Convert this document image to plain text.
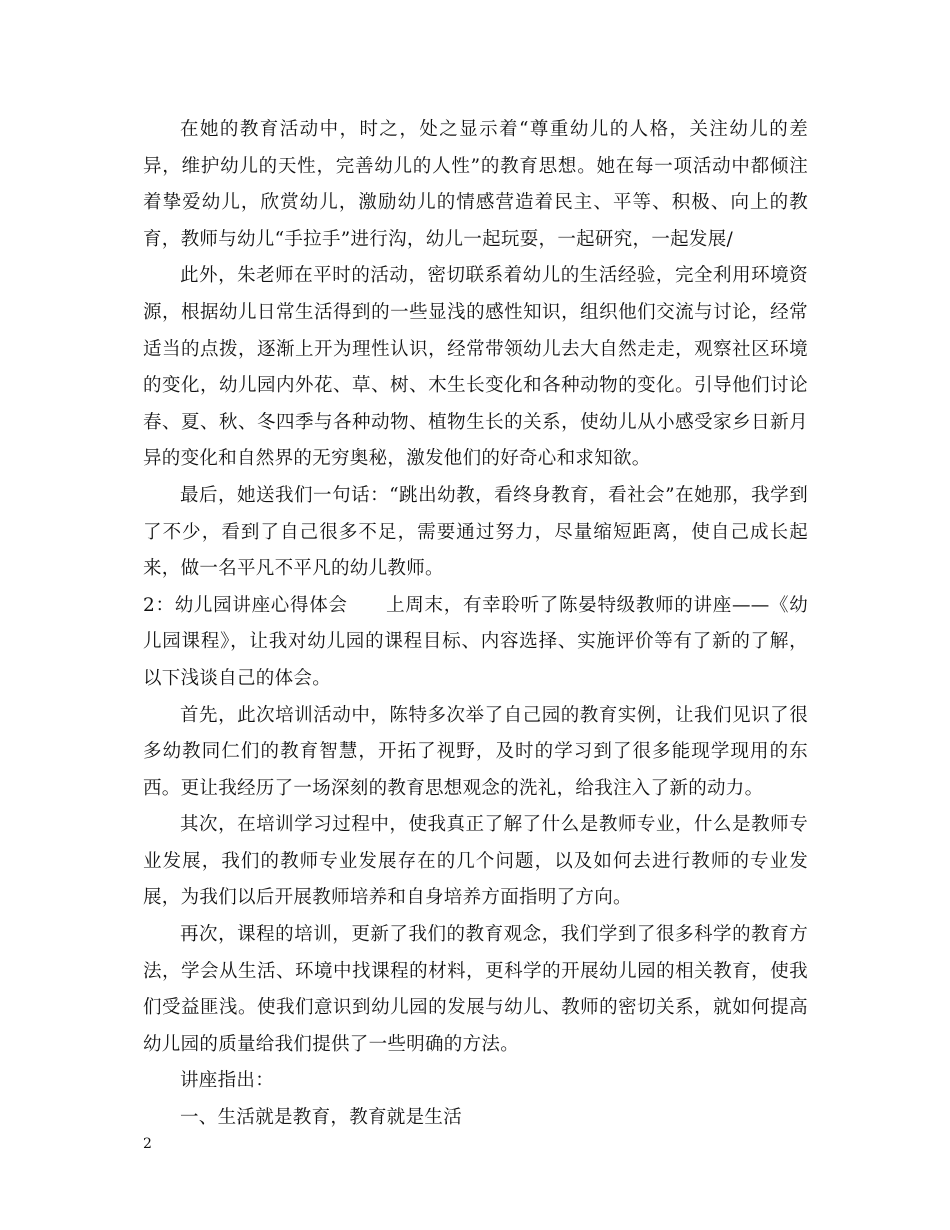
在她的教育活动中，时之，处之显示着“尊重幼儿的人格，关注幼儿的差异，维护幼儿的天性，完善幼儿的人性”的教育思想。她在每一项活动中都倾注着挚爱幼儿，欣赏幼儿，激励幼儿的情感营造着民主、平等、积极、向上的教育，教师与幼儿“手拉手”进行沟，幼儿一起玩耍，一起研究，一起发展/

此外，朱老师在平时的活动，密切联系着幼儿的生活经验，完全利用环境资源，根据幼儿日常生活得到的一些显浅的感性知识，组织他们交流与讨论，经常适当的点拨，逐渐上开为理性认识，经常带领幼儿去大自然走走，观察社区环境的变化，幼儿园内外花、草、树、木生长变化和各种动物的变化。引导他们讨论春、夏、秋、冬四季与各种动物、植物生长的关系，使幼儿从小感受家乡日新月异的变化和自然界的无穷奥秘，激发他们的好奇心和求知欲。

最后，她送我们一句话：“跳出幼教，看终身教育，看社会”在她那，我学到了不少，看到了自己很多不足，需要通过努力，尽量缩短距离，使自己成长起来，做一名平凡不平凡的幼儿教师。

2：幼儿园讲座心得体会　　上周末，有幸聆听了陈晏特级教师的讲座——《幼儿园课程》，让我对幼儿园的课程目标、内容选择、实施评价等有了新的了解，以下浅谈自己的体会。

首先，此次培训活动中，陈特多次举了自己园的教育实例，让我们见识了很多幼教同仁们的教育智慧，开拓了视野，及时的学习到了很多能现学现用的东西。更让我经历了一场深刻的教育思想观念的洗礼，给我注入了新的动力。

其次，在培训学习过程中，使我真正了解了什么是教师专业，什么是教师专业发展，我们的教师专业发展存在的几个问题，以及如何去进行教师的专业发展，为我们以后开展教师培养和自身培养方面指明了方向。

再次，课程的培训，更新了我们的教育观念，我们学到了很多科学的教育方法，学会从生活、环境中找课程的材料，更科学的开展幼儿园的相关教育，使我们受益匪浅。使我们意识到幼儿园的发展与幼儿、教师的密切关系，就如何提高幼儿园的质量给我们提供了一些明确的方法。

讲座指出：

一、生活就是教育，教育就是生活

2
